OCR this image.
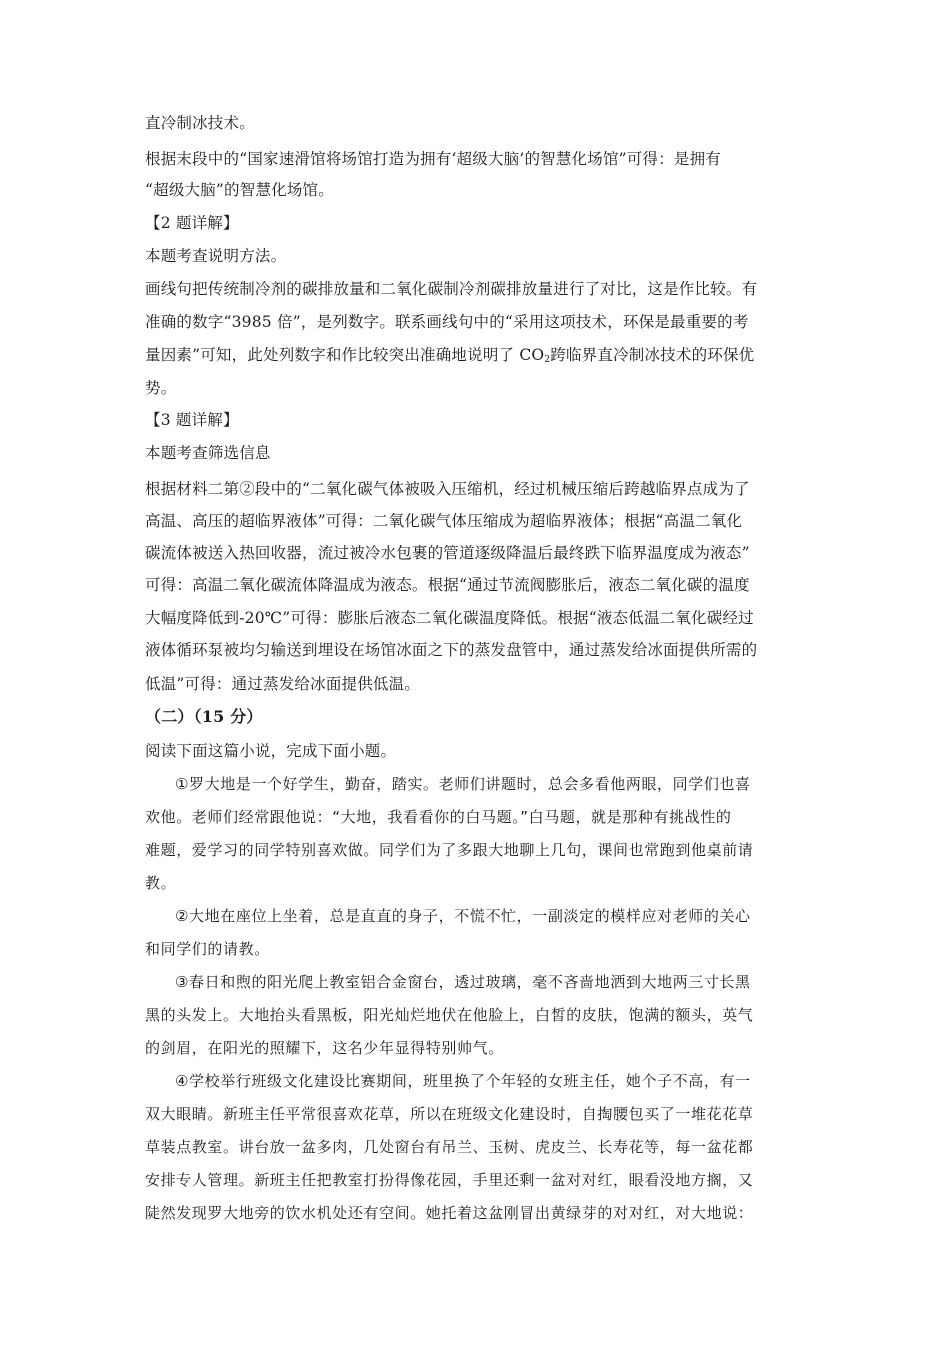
直冷制冰技术。
根据末段中的“国家速滑馆将场馆打造为拥有‘超级大脑’的智慧化场馆”可得：是拥有
“超级大脑”的智慧化场馆。
【2 题详解】
本题考查说明方法。
画线句把传统制冷剂的碳排放量和二氧化碳制冷剂碳排放量进行了对比，这是作比较。有
准确的数字“3985 倍”，是列数字。联系画线句中的“采用这项技术，环保是最重要的考
量因素”可知，此处列数字和作比较突出准确地说明了 $CO_2$跨临界直冷制冰技术的环保优
势。
【3 题详解】
本题考查筛选信息
根据材料二第②段中的“二氧化碳气体被吸入压缩机，经过机械压缩后跨越临界点成为了
高温、高压的超临界液体”可得：二氧化碳气体压缩成为超临界液体；根据“高温二氧化
碳流体被送入热回收器，流过被冷水包裹的管道逐级降温后最终跌下临界温度成为液态”
可得：高温二氧化碳流体降温成为液态。根据“通过节流阀膨胀后，液态二氧化碳的温度
大幅度降低到-20℃”可得：膨胀后液态二氧化碳温度降低。根据“液态低温二氧化碳经过
液体循环泵被均匀输送到埋设在场馆冰面之下的蒸发盘管中，通过蒸发给冰面提供所需的
低温”可得：通过蒸发给冰面提供低温。
（二）（15 分）
阅读下面这篇小说，完成下面小题。
①罗大地是一个好学生，勤奋，踏实。老师们讲题时，总会多看他两眼，同学们也喜
欢他。老师们经常跟他说：“大地，我看看你的白马题。”白马题，就是那种有挑战性的
难题，爱学习的同学特别喜欢做。同学们为了多跟大地聊上几句，课间也常跑到他桌前请
教。
②大地在座位上坐着，总是直直的身子，不慌不忙，一副淡定的模样应对老师的关心
和同学们的请教。
③春日和煦的阳光爬上教室铝合金窗台，透过玻璃，毫不吝啬地洒到大地两三寸长黑
黑的头发上。大地抬头看黑板，阳光灿烂地伏在他脸上，白皙的皮肤，饱满的额头，英气
的剑眉，在阳光的照耀下，这名少年显得特别帅气。
④学校举行班级文化建设比赛期间，班里换了个年轻的女班主任，她个子不高，有一
双大眼睛。新班主任平常很喜欢花草，所以在班级文化建设时，自掏腰包买了一堆花花草
草装点教室。讲台放一盆多肉，几处窗台有吊兰、玉树、虎皮兰、长寿花等，每一盆花都
安排专人管理。新班主任把教室打扮得像花园，手里还剩一盆对对红，眼看没地方搁，又
陡然发现罗大地旁的饮水机处还有空间。她托着这盆刚冒出黄绿芽的对对红，对大地说：
